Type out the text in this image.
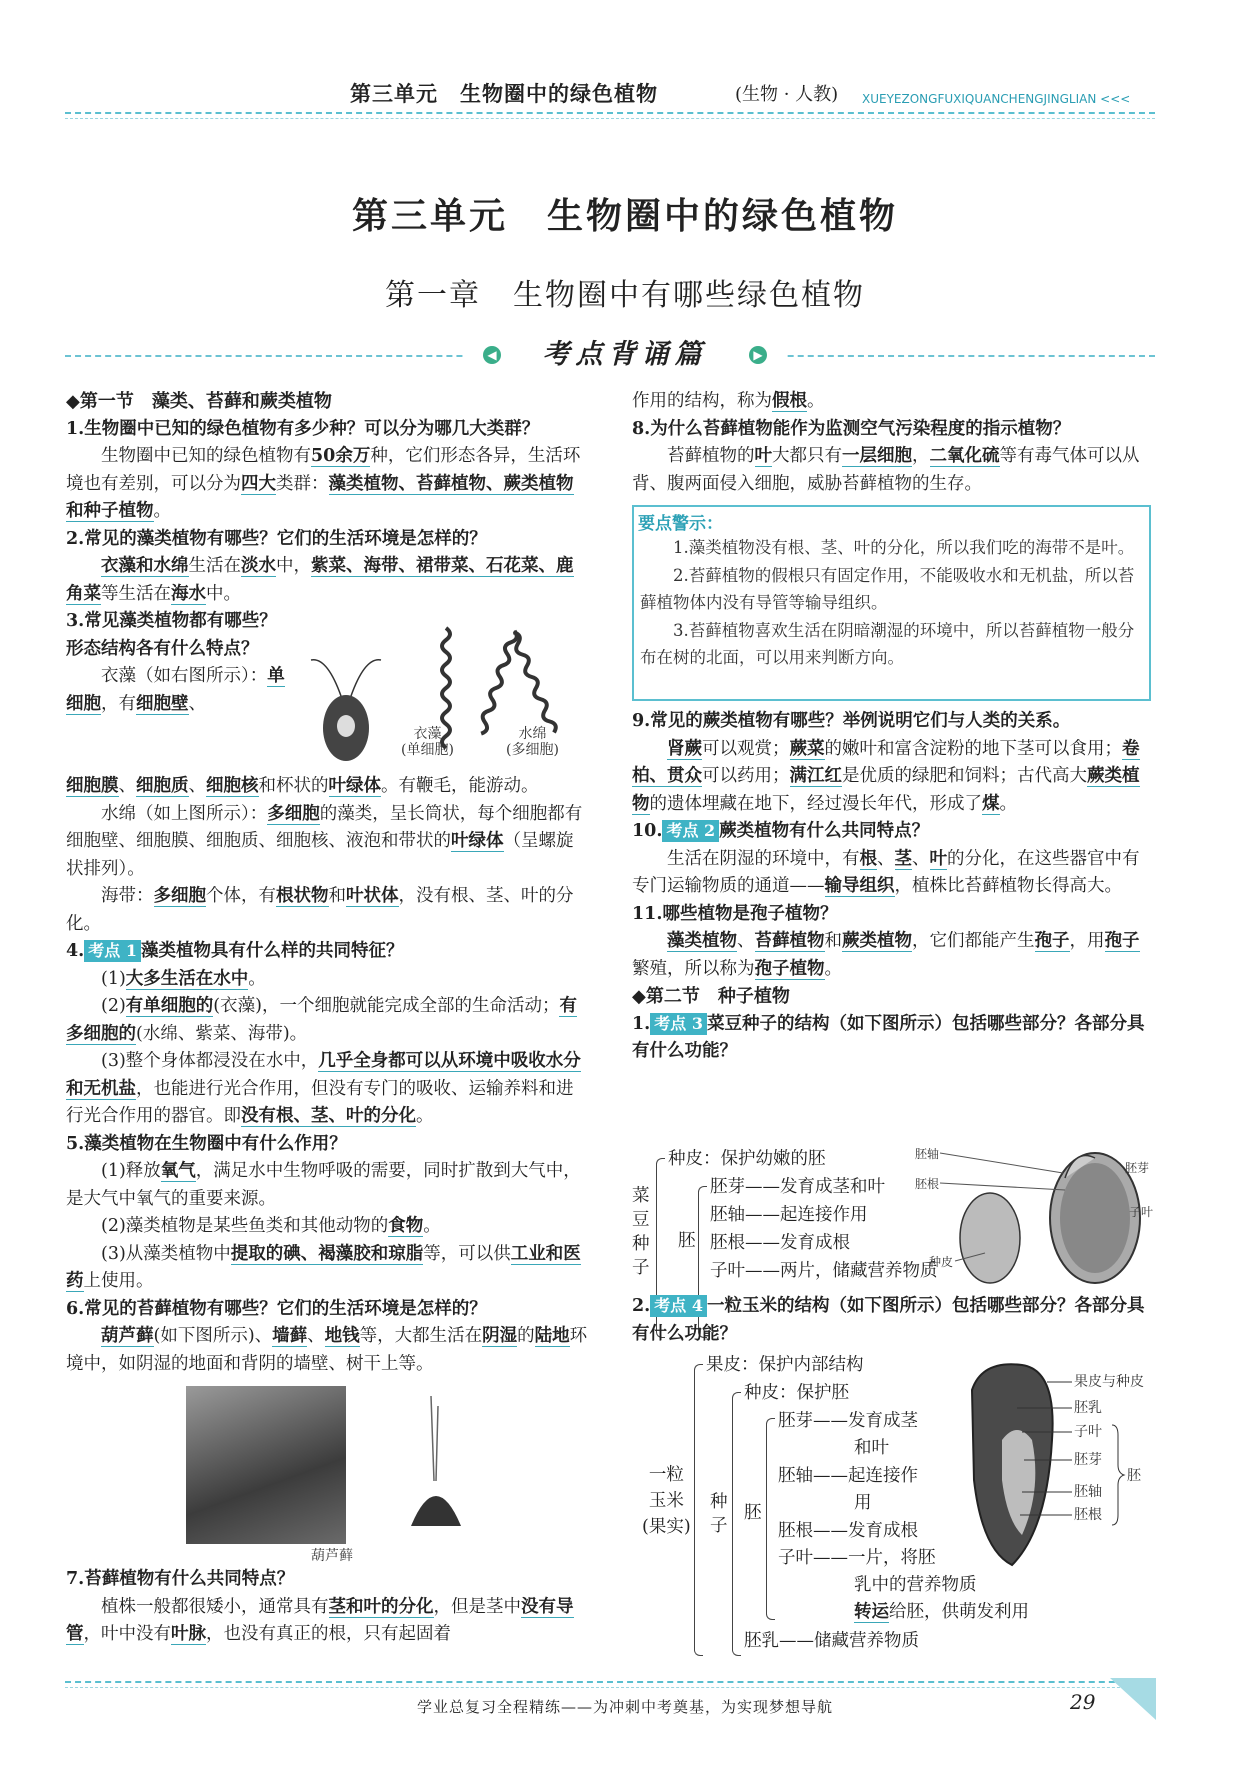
第三单元　生物圈中的绿色植物	(生物 · 人教) XUEYEZONGFUXIQUANCHENGJINGLIAN <<<
第三单元　生物圈中的绿色植物
第一章　生物圈中有哪些绿色植物
◀ 考点背诵篇	▶

◆第一节　藻类、苔藓和蕨类植物

1.生物圈中已知的绿色植物有多少种？可以分为哪几大类群？

生物圈中已知的绿色植物有50余万种，它们形态各异，生活环境也有差别，可以分为四大类群：藻类植物、苔藓植物、蕨类植物和种子植物。

2.常见的藻类植物有哪些？它们的生活环境是怎样的？

衣藻和水绵生活在淡水中，紫菜、海带、裙带菜、石花菜、鹿角菜等生活在海水中。

3.常见藻类植物都有哪些？形态结构各有什么特点？

衣藻（如右图所示）：单细胞，有细胞壁、

衣藻
(单细胞)
水绵
(多细胞)

细胞膜、细胞质、细胞核和杯状的叶绿体。有鞭毛，能游动。

水绵（如上图所示）：多细胞的藻类，呈长筒状，每个细胞都有细胞壁、细胞膜、细胞质、细胞核、液泡和带状的叶绿体（呈螺旋状排列）。

海带：多细胞个体，有根状物和叶状体，没有根、茎、叶的分化。

4. 考点 1 藻类植物具有什么样的共同特征？

(1)大多生活在水中。

(2)有单细胞的(衣藻)，一个细胞就能完成全部的生命活动；有多细胞的(水绵、紫菜、海带)。

(3)整个身体都浸没在水中，几乎全身都可以从环境中吸收水分和无机盐，也能进行光合作用，但没有专门的吸收、运输养料和进行光合作用的器官。即没有根、茎、叶的分化。

5.藻类植物在生物圈中有什么作用？

(1)释放氧气，满足水中生物呼吸的需要，同时扩散到大气中，是大气中氧气的重要来源。

(2)藻类植物是某些鱼类和其他动物的食物。

(3)从藻类植物中提取的碘、褐藻胶和琼脂等，可以供工业和医药上使用。

6.常见的苔藓植物有哪些？它们的生活环境是怎样的？

葫芦藓(如下图所示)、墙藓、地钱等，大都生活在阴湿的陆地环境中，如阴湿的地面和背阴的墙壁、树干上等。

葫芦藓

7.苔藓植物有什么共同特点？

植株一般都很矮小，通常具有茎和叶的分化，但是茎中没有导管，叶中没有叶脉，也没有真正的根，只有起固着

作用的结构，称为假根。

8.为什么苔藓植物能作为监测空气污染程度的指示植物？

苔藓植物的叶大都只有一层细胞，二氧化硫等有毒气体可以从背、腹两面侵入细胞，威胁苔藓植物的生存。

要点警示：
1.藻类植物没有根、茎、叶的分化，所以我们吃的海带不是叶。
2.苔藓植物的假根只有固定作用，不能吸收水和无机盐，所以苔藓植物体内没有导管等输导组织。
3.苔藓植物喜欢生活在阴暗潮湿的环境中，所以苔藓植物一般分布在树的北面，可以用来判断方向。

9.常见的蕨类植物有哪些？举例说明它们与人类的关系。

肾蕨可以观赏；蕨菜的嫩叶和富含淀粉的地下茎可以食用；卷柏、贯众可以药用；满江红是优质的绿肥和饲料；古代高大蕨类植物的遗体埋藏在地下，经过漫长年代，形成了煤。

10. 考点 2 蕨类植物有什么共同特点？

生活在阴湿的环境中，有根、茎、叶的分化，在这些器官中有专门运输物质的通道——输导组织，植株比苔藓植物长得高大。

11.哪些植物是孢子植物？

藻类植物、苔藓植物和蕨类植物，它们都能产生孢子，用孢子繁殖，所以称为孢子植物。

◆第二节　种子植物

1. 考点 3 菜豆种子的结构（如下图所示）包括哪些部分？各部分具有什么功能？

菜豆种子
种皮：保护幼嫩的胚
胚
胚芽——发育成茎和叶
胚轴——起连接作用
胚根——发育成根
子叶——两片，储藏营养物质
胚轴
胚根
种皮
胚芽
子叶

2. 考点 4 一粒玉米的结构（如下图所示）包括哪些部分？各部分具有什么功能？

一粒
玉米
(果实)
果皮：保护内部结构
种子
种皮：保护胚
胚
胚芽——发育成茎
和叶
胚轴——起连接作
用
胚根——发育成根
子叶——一片，将胚
乳中的营养物质
转运给胚，供萌发利用

胚乳——储藏营养物质
果皮与种皮
胚乳
子叶
胚芽
胚轴
胚根
胚
学业总复习全程精练——为冲刺中考奠基，为实现梦想导航	29
